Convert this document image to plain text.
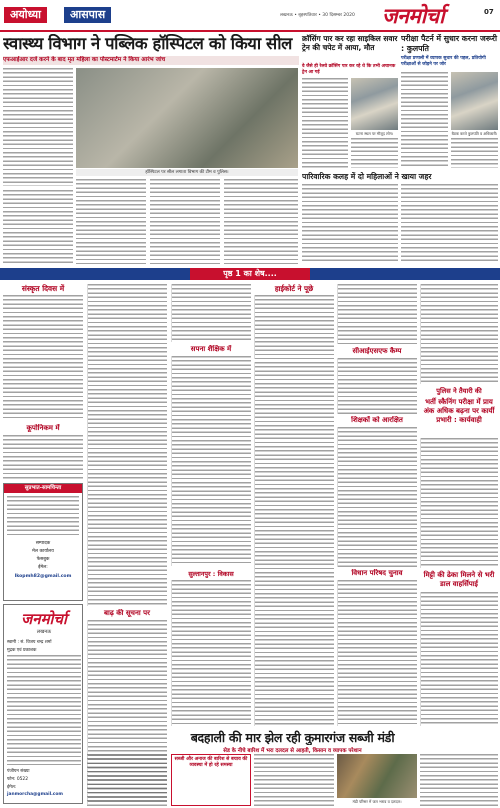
अयोध्या	आसपास	लखनऊ • बृहस्पतिवार • 30 दिसम्बर 2020 जनमोर्चा	07
स्वास्थ्य विभाग ने पब्लिक हॉस्पिटल को किया सील
एफआईआर दर्ज करने के बाद मृत महिला का पोस्टमार्टम ने किया आरंभ जांच
हॉस्पिटल पर सील लगाता विभाग की टीम व पुलिस।
क्रॉसिंग पार कर रहा साइकिल सवार ट्रेन की चपेट में आया, मौत
वे जैसे ही रेलवे क्रॉसिंग पार कर रहे थे कि तभी अचानक ट्रेन आ गई
घटना स्थल पर मौजूद लोग।
पारिवारिक कलह में दो महिलाओं ने खाया जहर
परीक्षा पैटर्न में सुधार करना जरूरी : कुलपति
परीक्षा प्रणाली में व्यापक सुधार की पहल, प्रतियोगी परीक्षाओं से जोड़ने पर जोर
बैठक करते कुलपति व अधिकारी।
पृष्ठ 1 का शेष....
संस्कृत दिवस में
कूपोनिकम में
सुप्रभात-सामचिन्ता
सम्पादक
मेल कार्यालय
फेसबुक
ईमेल:
lkopmh82@gmail.com
जनमोर्चा
लखनऊ
स्वामी : सं. विजय चन्द्र शर्मा
मुद्रक एवं प्रकाशक
पंजीयन संख्या
फोन: 0522
ईमेल:
janmorcha@gmail.com
बाढ़ की सूचना पर
सपना शैक्षिक में
हाईकोर्ट ने पूछे
सुल्तानपुर : विकास
सीआईएसएफ कैम्प
शिक्षकों को आरक्षित
विधान परिषद चुनाव
पुलिस ने तैयारी की
भर्ती स्कैनिंग परीक्षा में प्राय अंक अधिक बढ़ना पर कार्यी प्रभारी : कार्यवाही
मिट्टी की ढेका मिलने से भरी डाल वाहर्सिपाई
बदहाली की मार झेल रही कुमारगंज सब्जी मंडी
सेड के नीचे बारिश में भरा दलदल से आहती, किसान व व्यापक परेशान
सब्जी और अनाज की बारिश से बचाव की व्यवस्था में हो रहे समस्या
मंडी परिसर में जल भराव व दलदल।
